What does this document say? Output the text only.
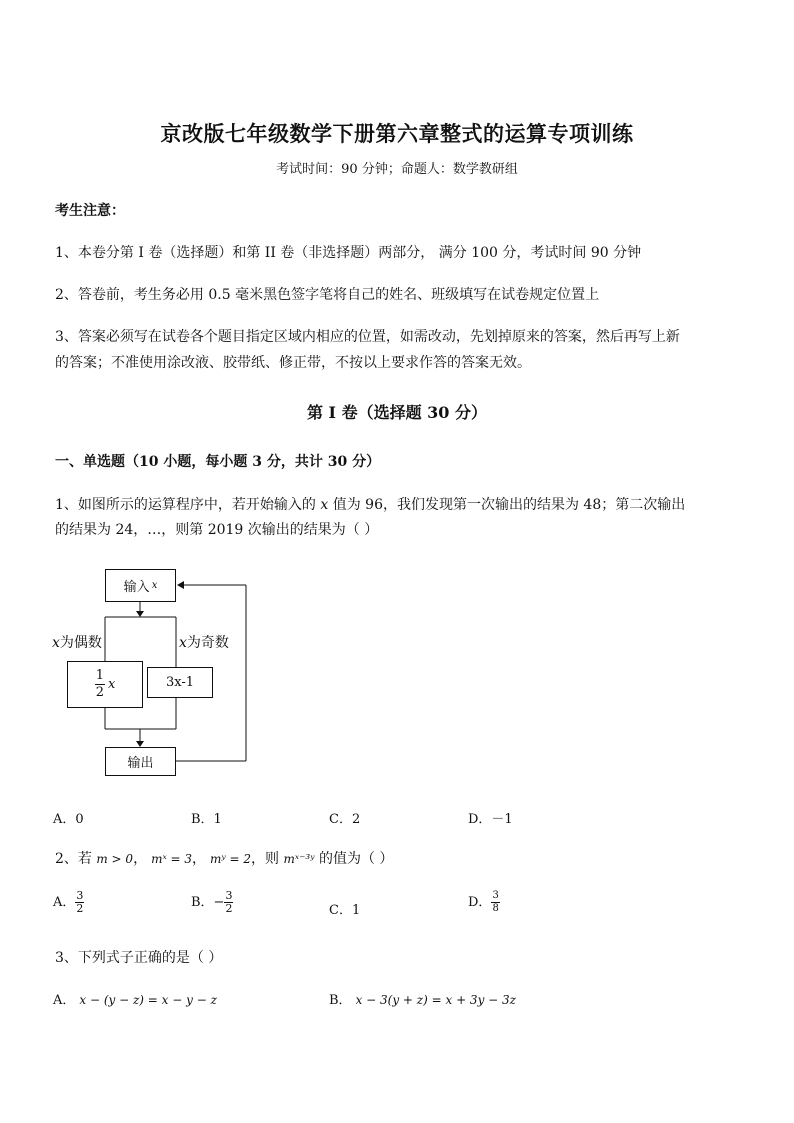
京改版七年级数学下册第六章整式的运算专项训练
考试时间：90 分钟；命题人：数学教研组
考生注意：
1、本卷分第 I 卷（选择题）和第 II 卷（非选择题）两部分， 满分 100 分，考试时间 90 分钟
2、答卷前，考生务必用 0.5 毫米黑色签字笔将自己的姓名、班级填写在试卷规定位置上
3、答案必须写在试卷各个题目指定区域内相应的位置，如需改动，先划掉原来的答案，然后再写上新
的答案；不准使用涂改液、胶带纸、修正带，不按以上要求作答的答案无效。
第 I 卷（选择题 30 分）
一、单选题（10 小题，每小题 3 分，共计 30 分）
1、如图所示的运算程序中，若开始输入的 x 值为 96，我们发现第一次输出的结果为 48；第二次输出
的结果为 24，…，则第 2019 次输出的结果为（ ）
输入 x
x为偶数	x为奇数
$\frac{1}{2}$ x	3x-1
输出
A．0	B．1	C．2	D．－1
2、若 m > 0， mˣ = 3， mʸ = 2，则 mˣ⁻³ʸ 的值为（ ）
A． $\frac{3}{2}$	B．− $\frac{3}{2}$	C．1
D． $\frac{3}{8}$
3、下列式子正确的是（ ）
A． x − (y − z) = x − y − z	B． x − 3(y + z) = x + 3y − 3z
